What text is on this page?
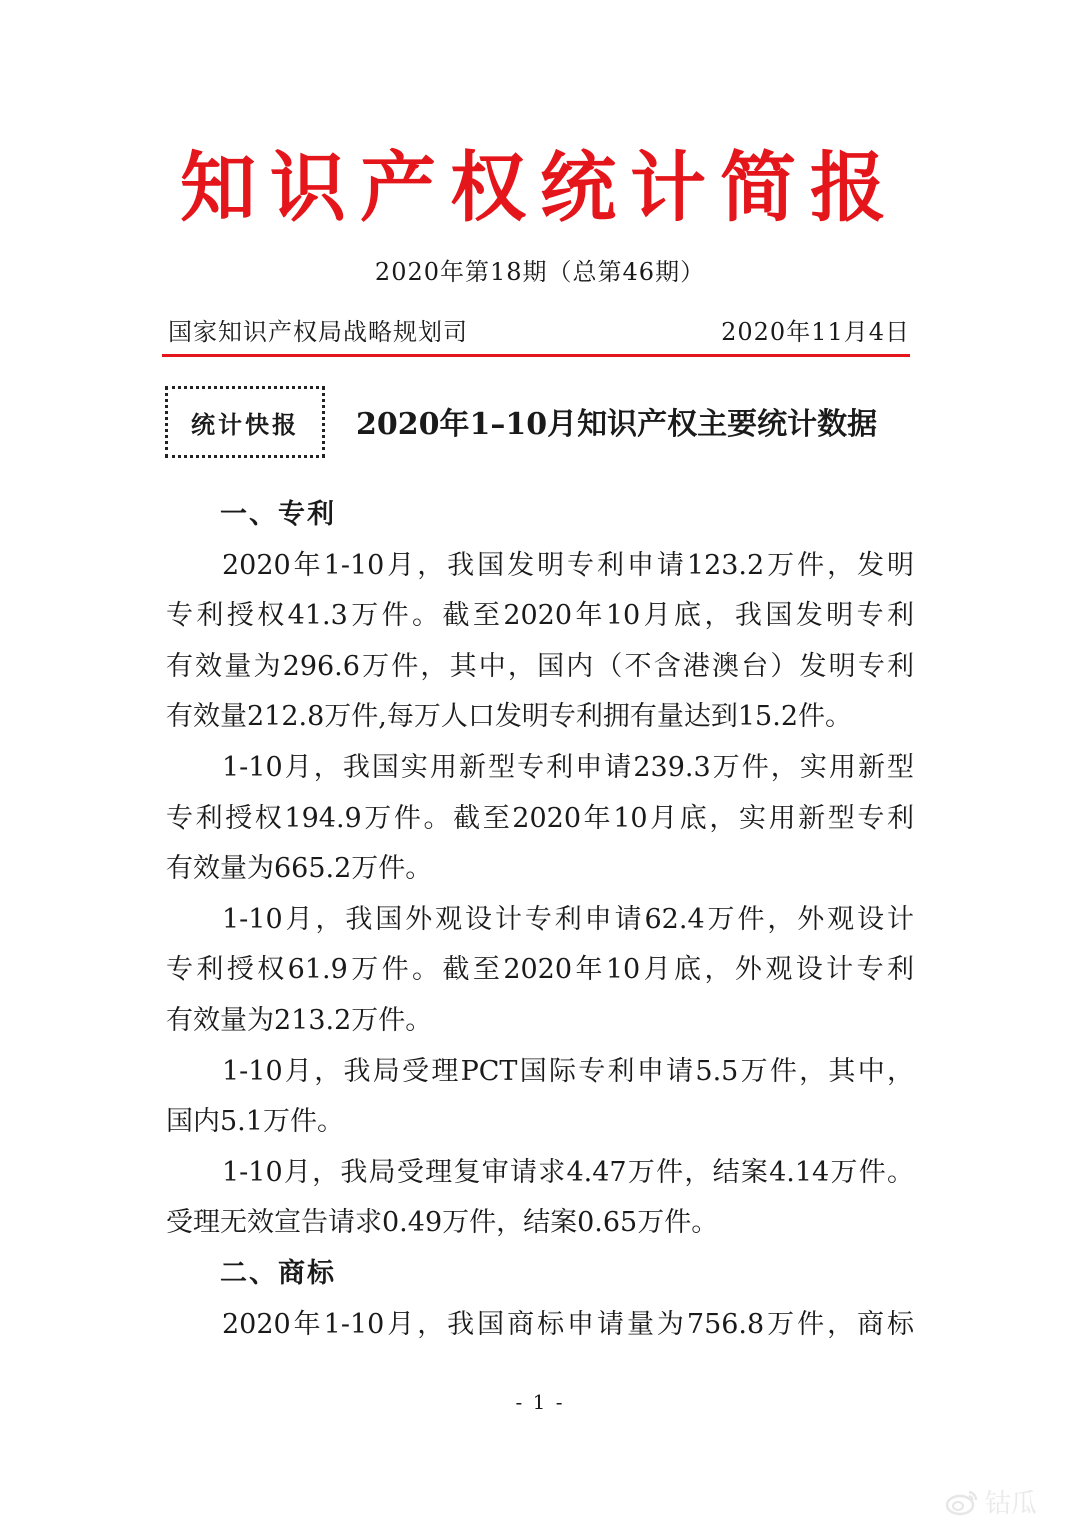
知识产权统计简报
2020年第18期（总第46期）
国家知识产权局战略规划司	2020年11月4日
统计快报 2020年1–10月知识产权主要统计数据
一、专利
2020年1-10月，我国发明专利申请123.2万件，发明
专利授权41.3万件。截至2020年10月底，我国发明专利
有效量为296.6万件，其中，国内（不含港澳台）发明专利
有效量212.8万件,每万人口发明专利拥有量达到15.2件。
1-10月，我国实用新型专利申请239.3万件，实用新型
专利授权194.9万件。截至2020年10月底，实用新型专利
有效量为665.2万件。
1-10月，我国外观设计专利申请62.4万件，外观设计
专利授权61.9万件。截至2020年10月底，外观设计专利
有效量为213.2万件。
1-10月，我局受理PCT国际专利申请5.5万件，其中，
国内5.1万件。
1-10月，我局受理复审请求4.47万件，结案4.14万件。
受理无效宣告请求0.49万件，结案0.65万件。
二、商标
2020年1-10月，我国商标申请量为756.8万件，商标
- 1 -
钴瓜
